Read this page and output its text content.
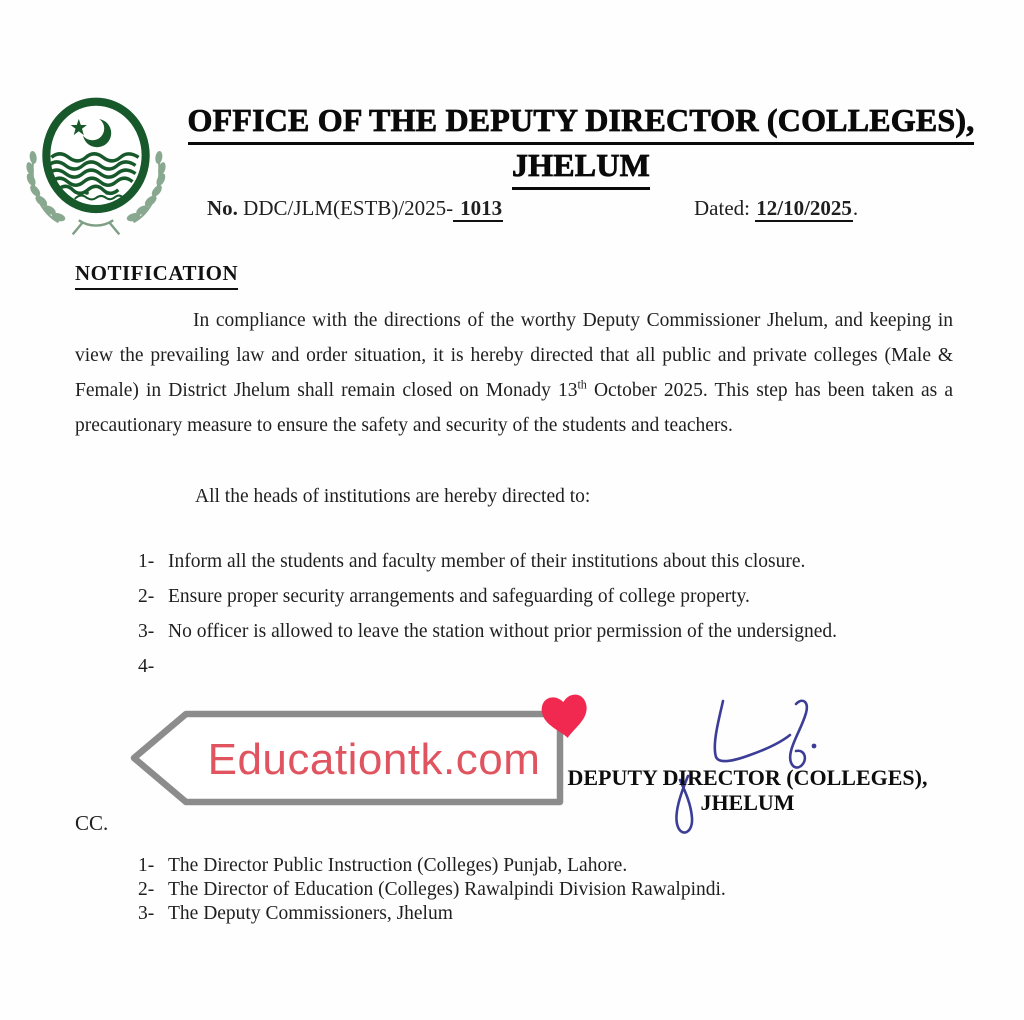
OFFICE OF THE DEPUTY DIRECTOR (COLLEGES),
JHELUM
No. DDC/JLM(ESTB)/2025- 1013	Dated: 12/10/2025.
NOTIFICATION
In compliance with the directions of the worthy Deputy Commissioner Jhelum, and keeping in view the prevailing law and order situation, it is hereby directed that all public and private colleges (Male & Female) in District Jhelum shall remain closed on Monady 13th October 2025. This step has been taken as a precautionary measure to ensure the safety and security of the students and teachers.
All the heads of institutions are hereby directed to:
1- Inform all the students and faculty member of their institutions about this closure.
2- Ensure proper security arrangements and safeguarding of college property.
3- No officer is allowed to leave the station without prior permission of the undersigned.
4-
Educationtk.com	DEPUTY DIRECTOR (COLLEGES),
JHELUM
CC.
1- The Director Public Instruction (Colleges) Punjab, Lahore.
2- The Director of Education (Colleges) Rawalpindi Division Rawalpindi.
3- The Deputy Commissioners, Jhelum
